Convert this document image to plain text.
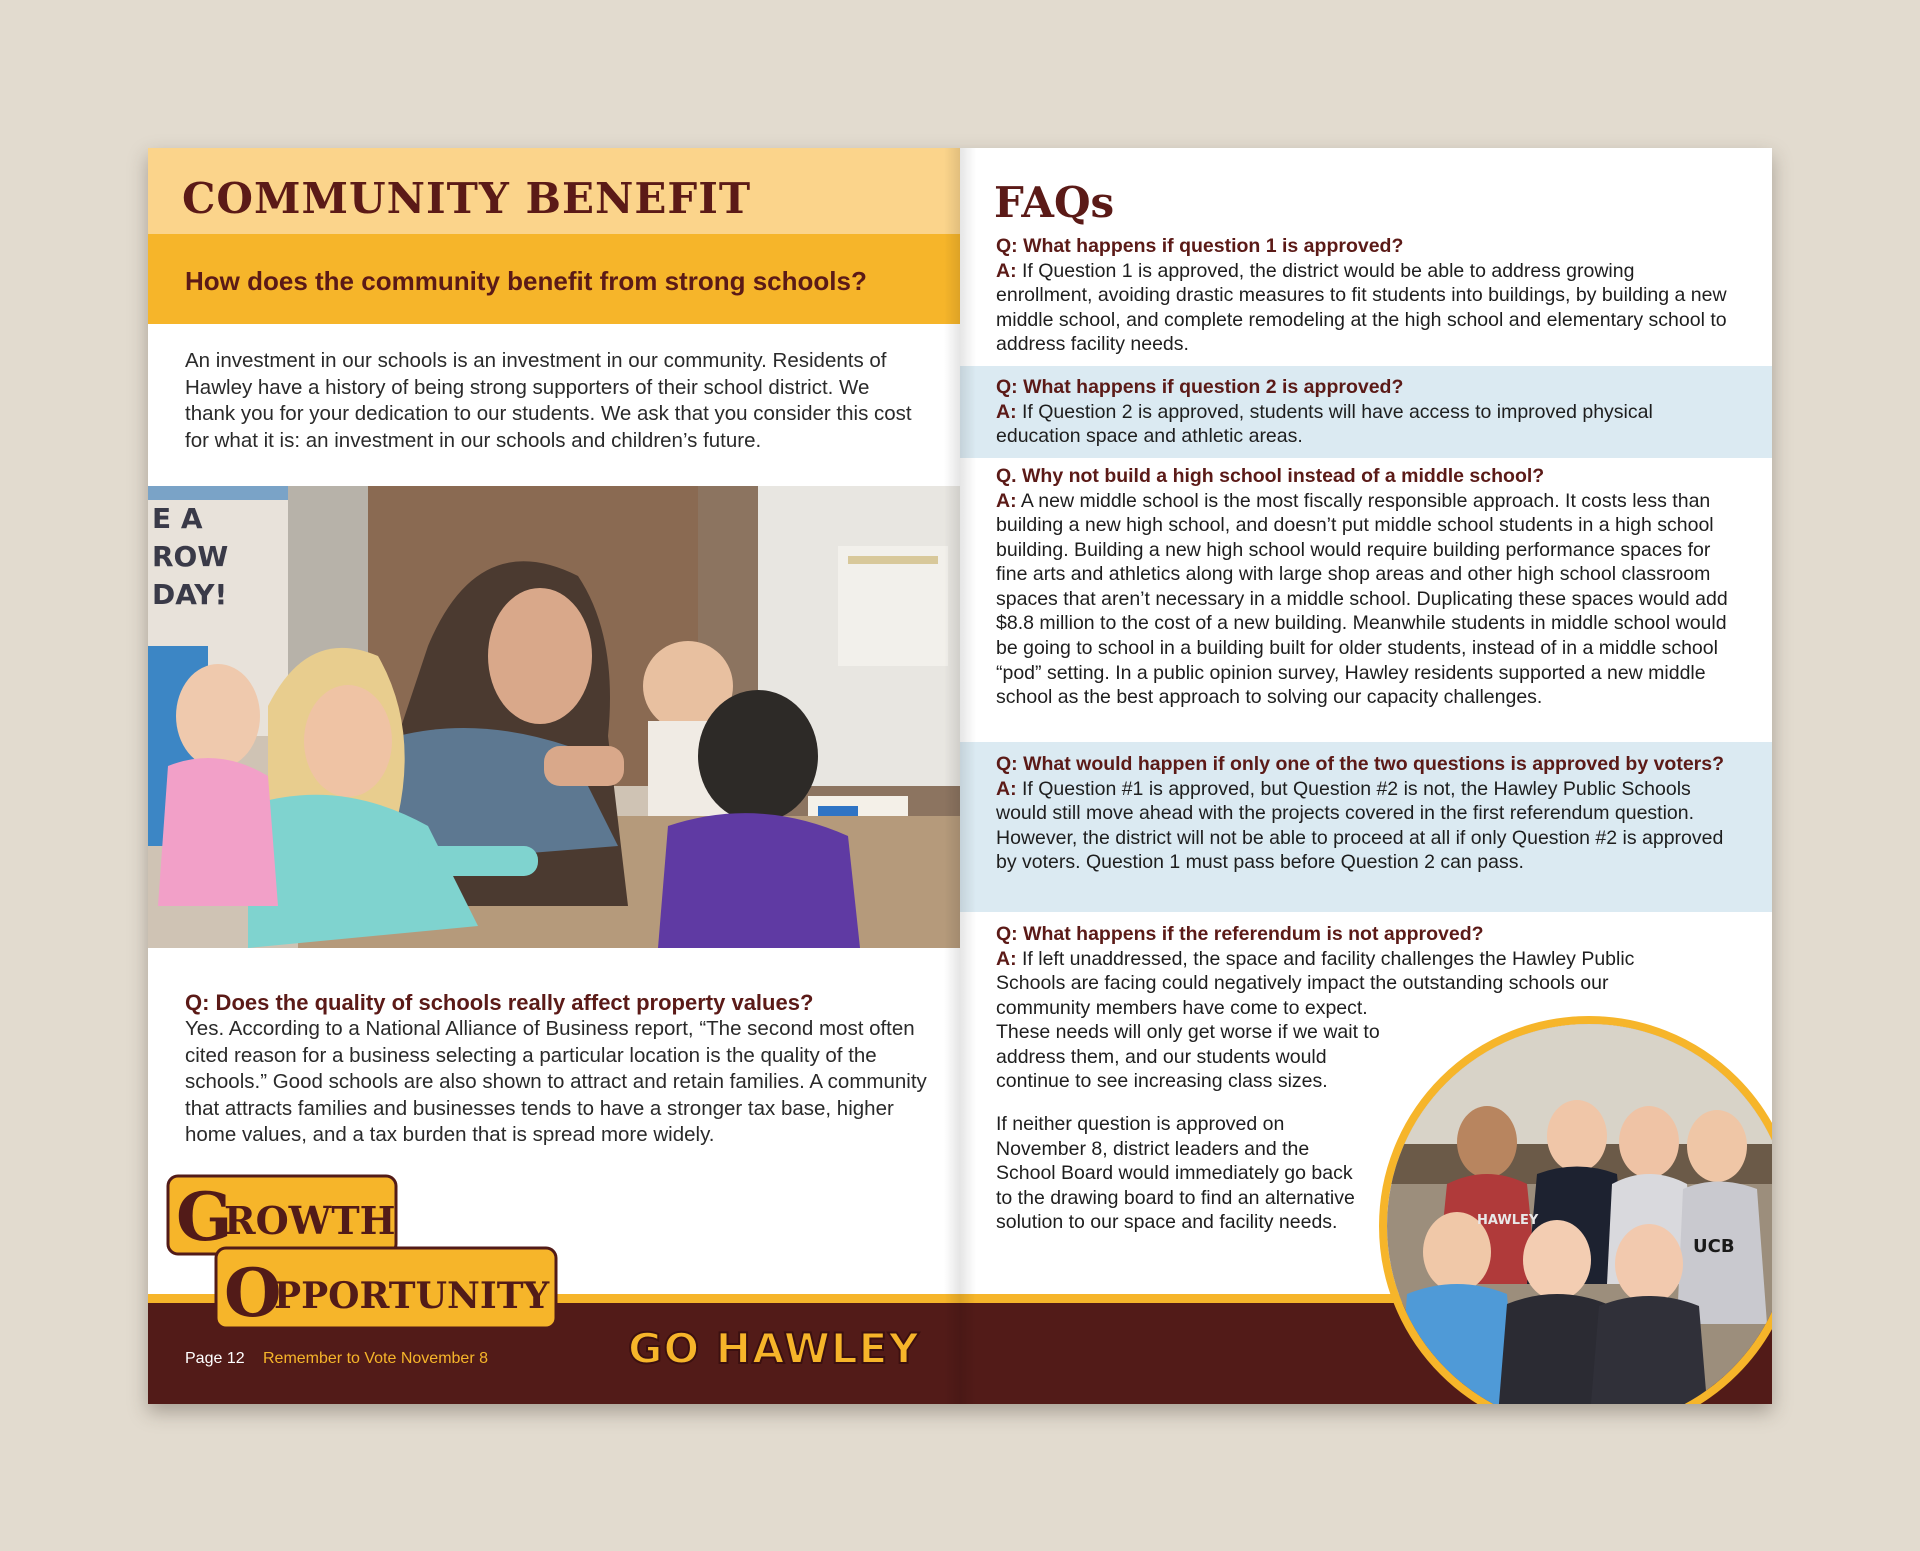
COMMUNITY BENEFIT
How does the community benefit from strong schools?

An investment in our schools is an investment in our community. Residents of Hawley have a history of being strong supporters of their school district. We thank you for your dedication to our students. We ask that you consider this cost for what it is: an investment in our schools and children’s future.

E A
ROW
DAY!
Q: Does the quality of schools really affect property values?

Yes. According to a National Alliance of Business report, “The second most often cited reason for a business selecting a particular location is the quality of the schools.” Good schools are also shown to attract and retain families. A community that attracts families and businesses tends to have a stronger tax base, higher home values, and a tax burden that is spread more widely.

Page 12 Remember to Vote November 8	GO HAWLEY
G
ROWTH
O
PPORTUNITY
FAQs

Q: What happens if question 1 is approved?

A: If Question 1 is approved, the district would be able to address growing enrollment, avoiding drastic measures to fit students into buildings, by building a new middle school, and complete remodeling at the high school and elementary school to address facility needs.

Q: What happens if question 2 is approved?

A: If Question 2 is approved, students will have access to improved physical education space and athletic areas.

Q. Why not build a high school instead of a middle school?

A: A new middle school is the most fiscally responsible approach. It costs less than building a new high school, and doesn’t put middle school students in a high school building. Building a new high school would require building performance spaces for fine arts and athletics along with large shop areas and other high school classroom spaces that aren’t necessary in a middle school. Duplicating these spaces would add $8.8 million to the cost of a new building. Meanwhile students in middle school would be going to school in a building built for older students, instead of in a middle school “pod” setting. In a public opinion survey, Hawley residents supported a new middle school as the best approach to solving our capacity challenges.

Q: What would happen if only one of the two questions is approved by voters?

A: If Question #1 is approved, but Question #2 is not, the Hawley Public Schools would still move ahead with the projects covered in the first referendum question. However, the district will not be able to proceed at all if only Question #2 is approved by voters. Question 1 must pass before Question 2 can pass.

Q: What happens if the referendum is not approved?

A: If left unaddressed, the space and facility challenges the Hawley Public Schools are facing could negatively impact the outstanding schools our community members have come to expect.

These needs will only get worse if we wait to address them, and our students would continue to see increasing class sizes.

If neither question is approved on November 8, district leaders and the School Board would immediately go back to the drawing board to find an alternative solution to our space and facility needs.	HAWLEY
UCB
